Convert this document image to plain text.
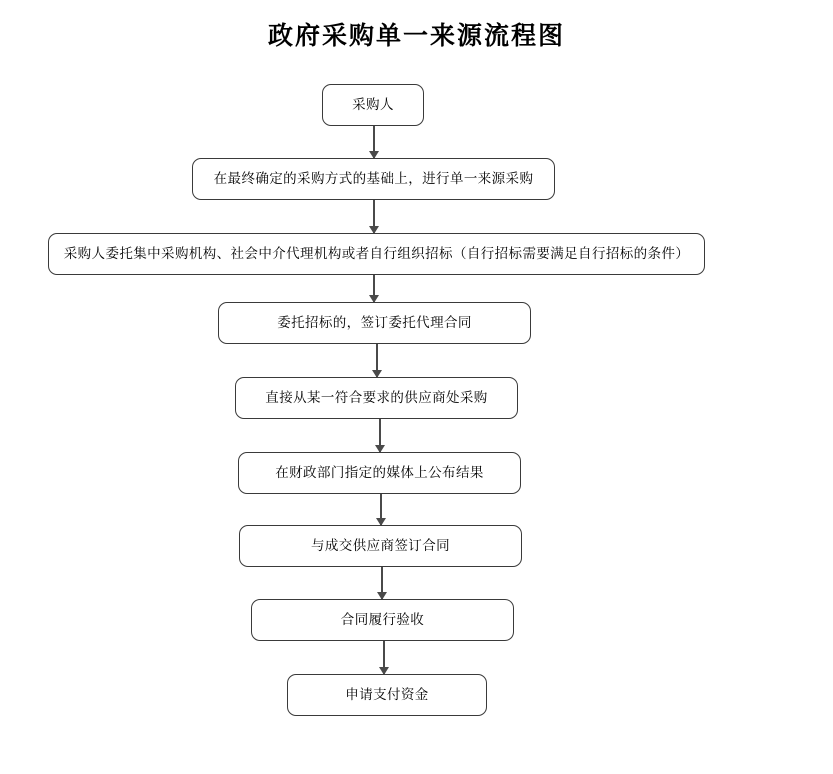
政府采购单一来源流程图
采购人
在最终确定的采购方式的基础上，进行单一来源采购
采购人委托集中采购机构、社会中介代理机构或者自行组织招标（自行招标需要满足自行招标的条件）
委托招标的，签订委托代理合同
直接从某一符合要求的供应商处采购
在财政部门指定的媒体上公布结果
与成交供应商签订合同
合同履行验收
申请支付资金
